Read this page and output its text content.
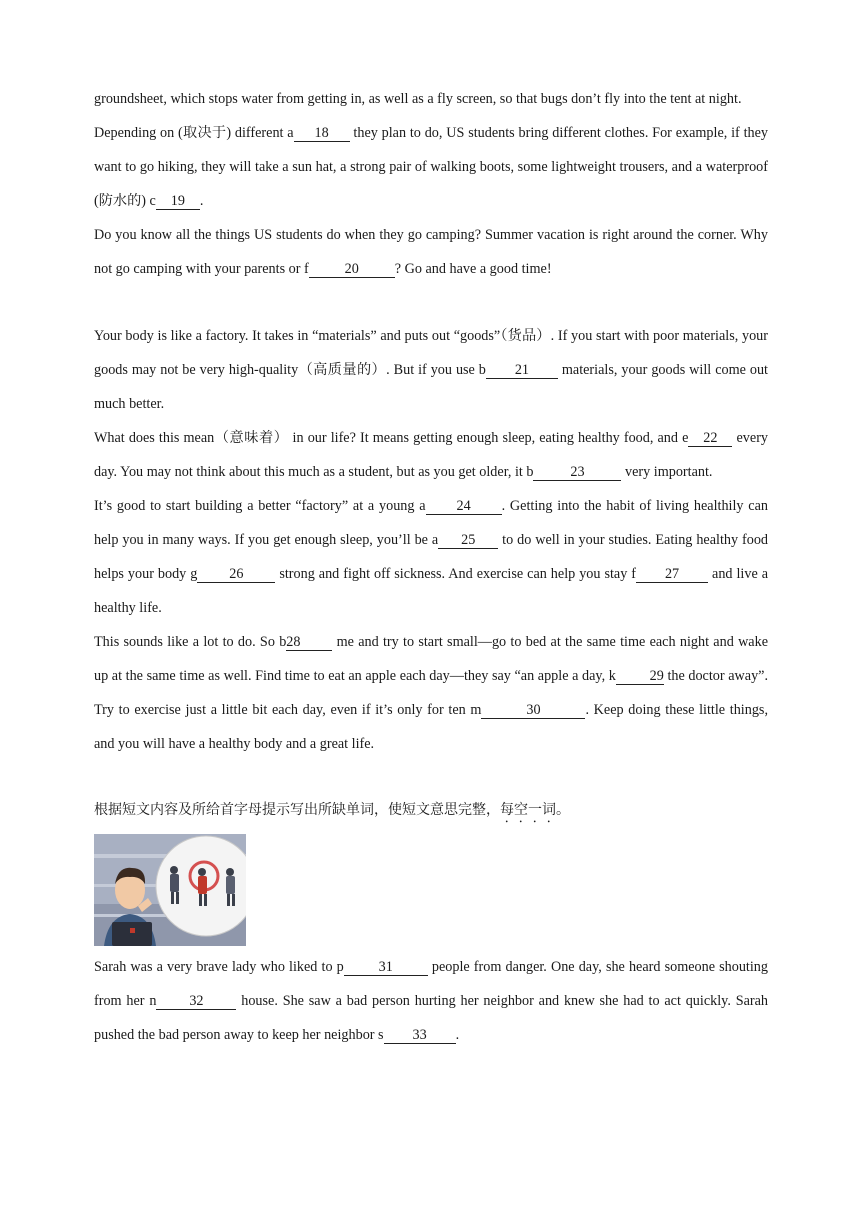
groundsheet, which stops water from getting in, as well as a fly screen, so that bugs don’t fly into the tent at night.

Depending on (取决于) different a 18 they plan to do, US students bring different clothes. For example, if they want to go hiking, they will take a sun hat, a strong pair of walking boots, some lightweight trousers, and a waterproof (防水的) c 19 .

Do you know all the things US students do when they go camping? Summer vacation is right around the corner. Why not go camping with your parents or f	20	? Go and have a good time!

Your body is like a factory. It takes in “materials” and puts out “goods”（货品）. If you start with poor materials, your goods may not be very high-quality（高质量的）. But if you use b 21 materials, your goods will come out much better.

What does this mean（意味着） in our life? It means getting enough sleep, eating healthy food, and e 22 every day. You may not think about this much as a student, but as you get older, it b	23	very important.

It’s good to start building a better “factory” at a young a 24 . Getting into the habit of living healthily can help you in many ways. If you get enough sleep, you’ll be a 25 to do well in your studies. Eating healthy food helps your body g 26	strong and fight off sickness. And exercise can help you stay f 27 and live a healthy life.

This sounds like a lot to do. So b28	me and try to start small—go to bed at the same time each night and wake up at the same time as well. Find time to eat an apple each day—they say “an apple a day, k 29 the doctor away”. Try to exercise just a little bit each day, even if it’s only for ten m	30	. Keep doing these little things, and you will have a healthy body and a great life.

根据短文内容及所给首字母提示写出所缺单词，使短文意思完整，每空一词。

Sarah was a very brave lady who liked to p 31	people from danger. One day, she heard someone shouting from her n 32	house. She saw a bad person hurting her neighbor and knew she had to act quickly. Sarah pushed the bad person away to keep her neighbor s 33 .
